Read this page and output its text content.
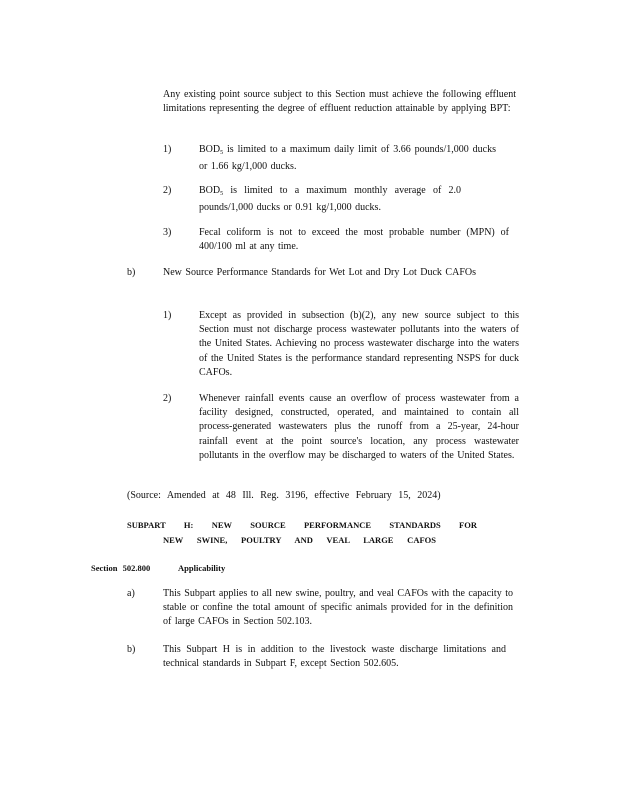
Any existing point source subject to this Section must achieve the following effluent limitations representing the degree of effluent reduction attainable by applying BPT:
1)	$BOD_5$ is limited to a maximum daily limit of 3.66 pounds/1,000 ducks or 1.66 kg/1,000 ducks.
2)	$BOD_5$ is limited to a maximum monthly average of 2.0 pounds/1,000 ducks or 0.91 kg/1,000 ducks.
3)	Fecal coliform is not to exceed the most probable number (MPN) of 400/100 ml at any time.
b)	New Source Performance Standards for Wet Lot and Dry Lot Duck CAFOs
1)	Except as provided in subsection (b)(2), any new source subject to this Section must not discharge process wastewater pollutants into the waters of the United States. Achieving no process wastewater discharge into the waters of the United States is the performance standard representing NSPS for duck CAFOs.
2)	Whenever rainfall events cause an overflow of process wastewater from a facility designed, constructed, operated, and maintained to contain all process-generated wastewaters plus the runoff from a 25-year, 24-hour rainfall event at the point source's location, any process wastewater pollutants in the overflow may be discharged to waters of the United States.
(Source: Amended at 48 Ill. Reg. 3196, effective February 15, 2024)
SUBPART H: NEW SOURCE PERFORMANCE STANDARDS FOR
NEW SWINE, POULTRY AND VEAL LARGE CAFOS
Section 502.800	Applicability
a)	This Subpart applies to all new swine, poultry, and veal CAFOs with the capacity to stable or confine the total amount of specific animals provided for in the definition of large CAFOs in Section 502.103.
b)	This Subpart H is in addition to the livestock waste discharge limitations and technical standards in Subpart F, except Section 502.605.
